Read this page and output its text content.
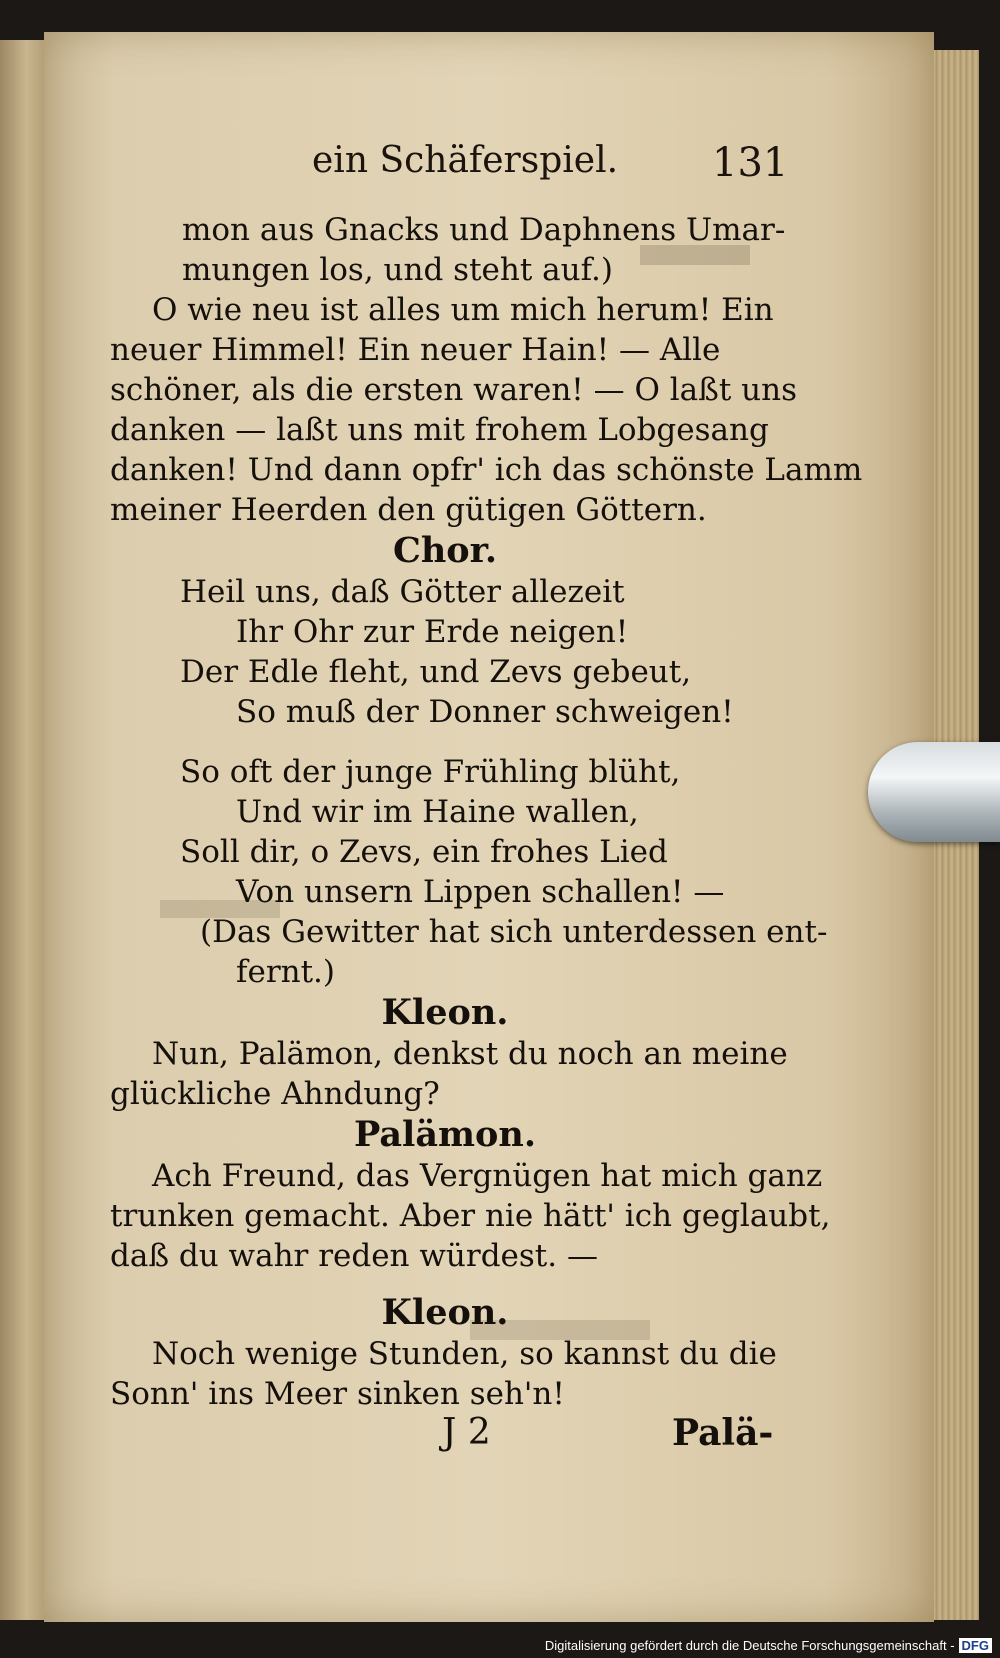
ein Schäferspiel. 131
mon aus Gnacks und Daphnens Umar-
mungen los, und steht auf.)
O wie neu ist alles um mich herum! Ein
neuer Himmel! Ein neuer Hain! — Alle
schöner, als die ersten waren! — O laßt uns
danken — laßt uns mit frohem Lobgesang
danken! Und dann opfr' ich das schönste Lamm
meiner Heerden den gütigen Göttern.
Chor.
Heil uns, daß Götter allezeit
Ihr Ohr zur Erde neigen!
Der Edle fleht, und Zevs gebeut,
So muß der Donner schweigen!
So oft der junge Frühling blüht,
Und wir im Haine wallen,
Soll dir, o Zevs, ein frohes Lied
Von unsern Lippen schallen! —
(Das Gewitter hat sich unterdessen ent-
fernt.)
Kleon.
Nun, Palämon, denkst du noch an meine
glückliche Ahndung?
Palämon.
Ach Freund, das Vergnügen hat mich ganz
trunken gemacht. Aber nie hätt' ich geglaubt,
daß du wahr reden würdest. —
Kleon.
Noch wenige Stunden, so kannst du die
Sonn' ins Meer sinken seh'n!
J 2	Palä-
Digitalisierung gefördert durch die Deutsche Forschungsgemeinschaft - DFG
